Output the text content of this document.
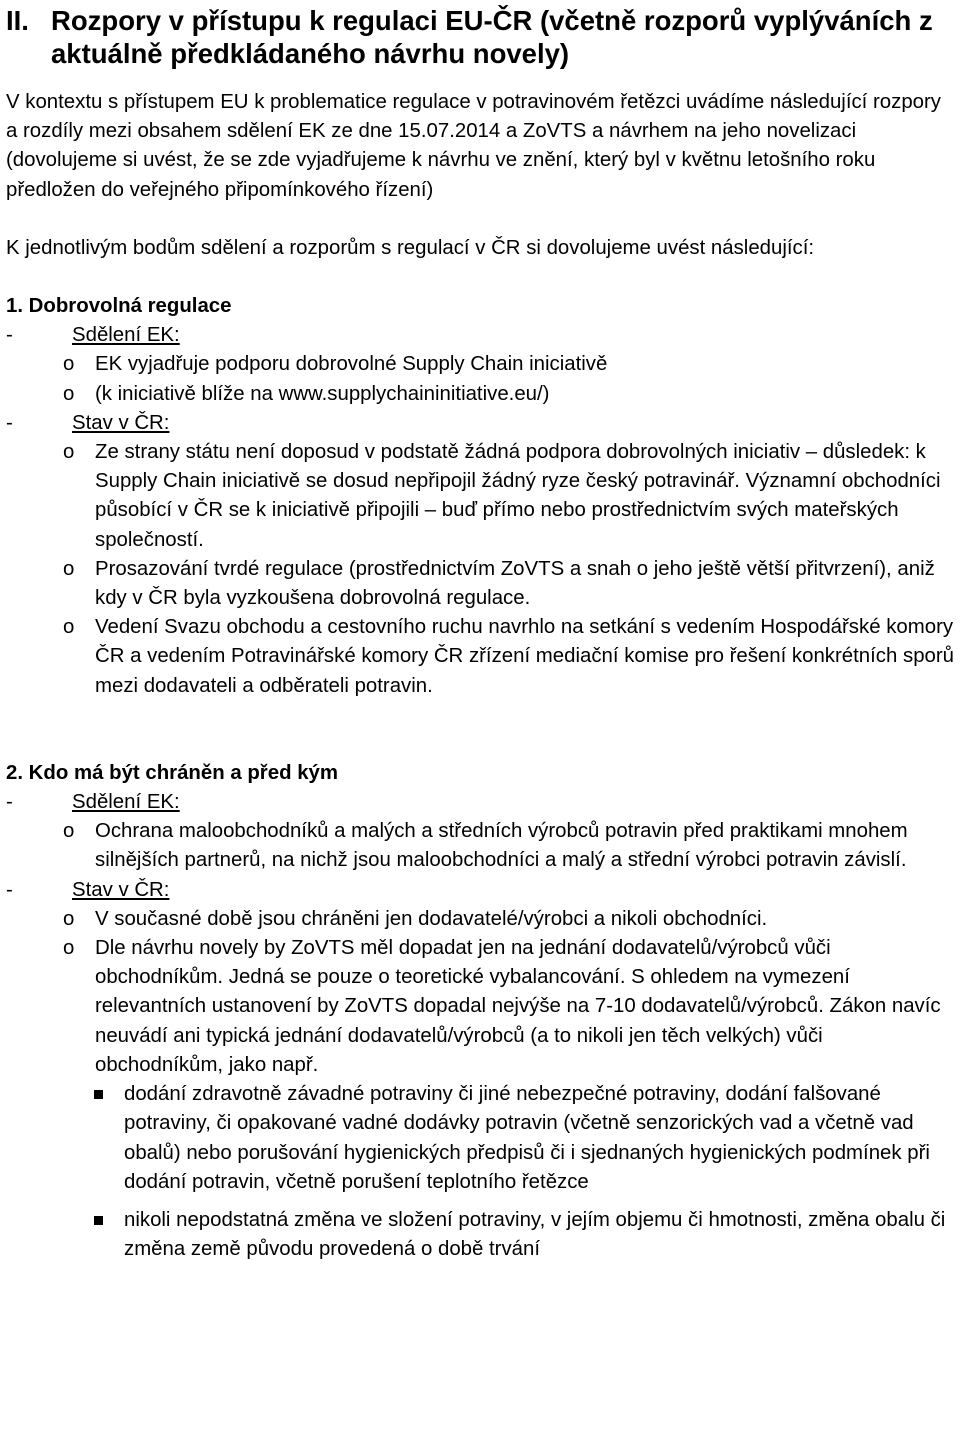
II. Rozpory v přístupu k regulaci EU-ČR (včetně rozporů vyplýváních z aktuálně předkládaného návrhu novely)

V kontextu s přístupem EU k problematice regulace v potravinovém řetězci uvádíme následující rozpory a rozdíly mezi obsahem sdělení EK ze dne 15.07.2014 a ZoVTS a návrhem na jeho novelizaci (dovolujeme si uvést, že se zde vyjadřujeme k návrhu ve znění, který byl v květnu letošního roku předložen do veřejného připomínkového řízení)

K jednotlivým bodům sdělení a rozporům s regulací v ČR si dovolujeme uvést následující:

1. Dobrovolná regulace

-	Sdělení EK:
o EK vyjadřuje podporu dobrovolné Supply Chain iniciativě
o (k iniciativě blíže na www.supplychaininitiative.eu/)
-	Stav v ČR:
o Ze strany státu není doposud v podstatě žádná podpora dobrovolných iniciativ – důsledek: k Supply Chain iniciativě se dosud nepřipojil žádný ryze český potravinář. Významní obchodníci působící v ČR se k iniciativě připojili – buď přímo nebo prostřednictvím svých mateřských společností.
o Prosazování tvrdé regulace (prostřednictvím ZoVTS a snah o jeho ještě větší přitvrzení), aniž kdy v ČR byla vyzkoušena dobrovolná regulace.
o Vedení Svazu obchodu a cestovního ruchu navrhlo na setkání s vedením Hospodářské komory ČR a vedením Potravinářské komory ČR zřízení mediační komise pro řešení konkrétních sporů mezi dodavateli a odběrateli potravin.

2. Kdo má být chráněn a před kým

-	Sdělení EK:
o Ochrana maloobchodníků a malých a středních výrobců potravin před praktikami mnohem silnějších partnerů, na nichž jsou maloobchodníci a malý a střední výrobci potravin závislí.
-	Stav v ČR:
o V současné době jsou chráněni jen dodavatelé/výrobci a nikoli obchodníci.
o Dle návrhu novely by ZoVTS měl dopadat jen na jednání dodavatelů/výrobců vůči obchodníkům. Jedná se pouze o teoretické vybalancování. S ohledem na vymezení relevantních ustanovení by ZoVTS dopadal nejvýše na 7-10 dodavatelů/výrobců. Zákon navíc neuvádí ani typická jednání dodavatelů/výrobců (a to nikoli jen těch velkých) vůči obchodníkům, jako např.
dodání zdravotně závadné potraviny či jiné nebezpečné potraviny, dodání falšované potraviny, či opakované vadné dodávky potravin (včetně senzorických vad a včetně vad obalů) nebo porušování hygienických předpisů či i sjednaných hygienických podmínek při dodání potravin, včetně porušení teplotního řetězce
nikoli nepodstatná změna ve složení potraviny, v jejím objemu či hmotnosti, změna obalu či změna země původu provedená o době trvání
